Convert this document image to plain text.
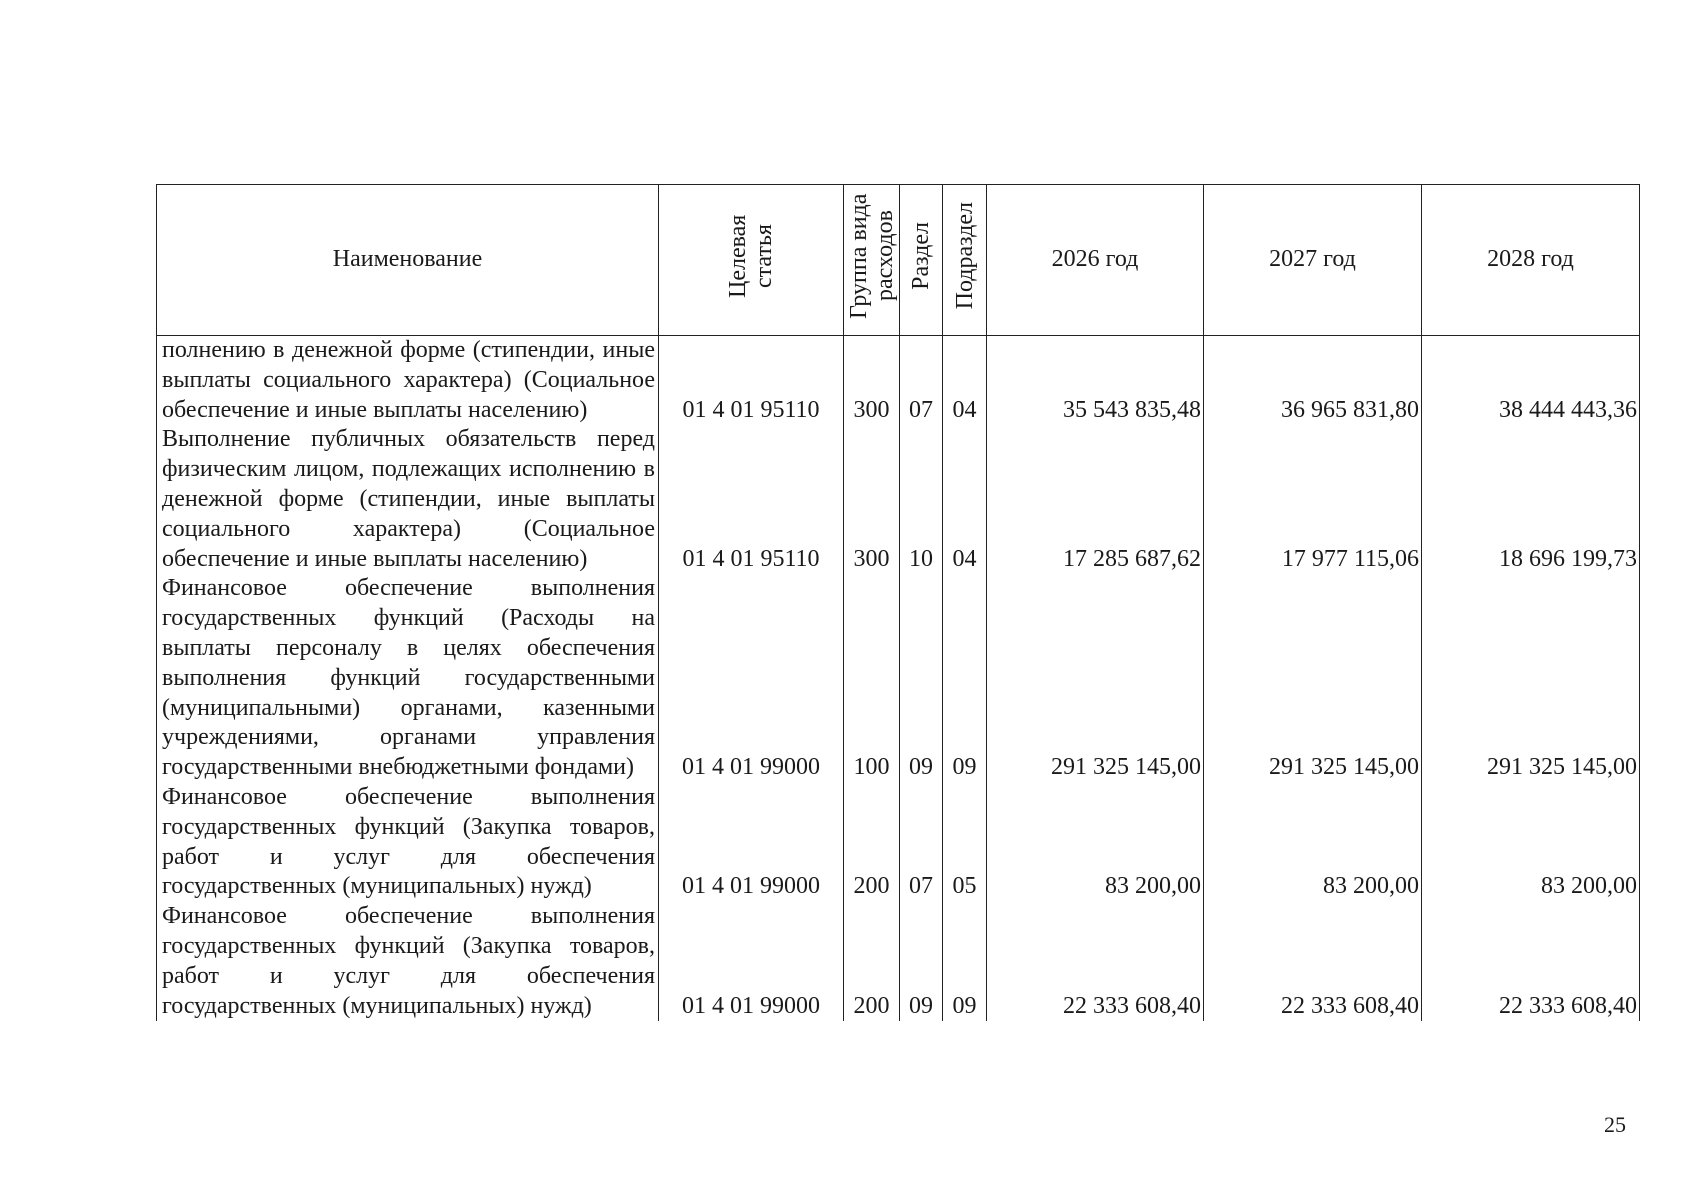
Наименование	Целевая статья	Группа вида расходов	Раздел	Подраздел	2026 год	2027 год	2028 год
полнению в денежной форме (стипендии, иные выплаты социального характера) (Социальное обеспечение и иные выплаты населению)	01 4 01 95110	300	07	04	35 543 835,48	36 965 831,80	38 444 443,36
Выполнение публичных обязательств перед физическим лицом, подлежащих исполнению в денежной форме (стипендии, иные выплаты социального характера) (Социальное обеспечение и иные выплаты населению)	01 4 01 95110	300	10	04	17 285 687,62	17 977 115,06	18 696 199,73
Финансовое обеспечение выполнения государственных функций (Расходы на выплаты персоналу в целях обеспечения выполнения функций государственными (муниципальными) органами, казенными учреждениями, органами управления государственными внебюджетными фондами)	01 4 01 99000	100	09	09	291 325 145,00	291 325 145,00	291 325 145,00
Финансовое обеспечение выполнения государственных функций (Закупка товаров, работ и услуг для обеспечения государственных (муниципальных) нужд)	01 4 01 99000	200	07	05	83 200,00	83 200,00	83 200,00
Финансовое обеспечение выполнения государственных функций (Закупка товаров, работ и услуг для обеспечения государственных (муниципальных) нужд)	01 4 01 99000	200	09	09	22 333 608,40	22 333 608,40	22 333 608,40
25
